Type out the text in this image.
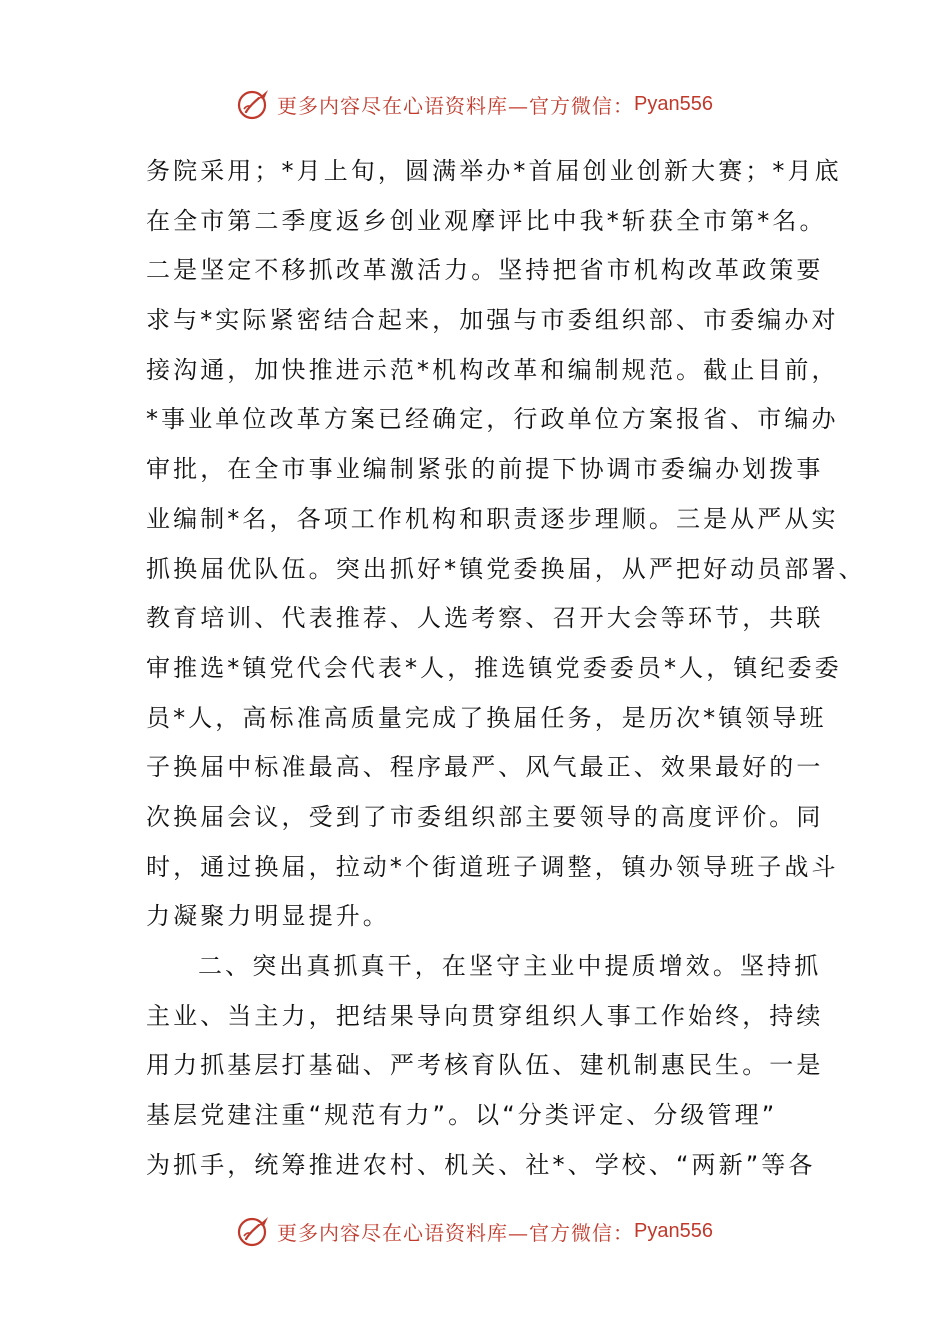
更多内容尽在心语资料库—官方微信： Pyan556
务院采用；*月上旬，圆满举办*首届创业创新大赛；*月底
在全市第二季度返乡创业观摩评比中我*斩获全市第*名。
二是坚定不移抓改革激活力。坚持把省市机构改革政策要
求与*实际紧密结合起来，加强与市委组织部、市委编办对
接沟通，加快推进示范*机构改革和编制规范。截止目前，
*事业单位改革方案已经确定，行政单位方案报省、市编办
审批，在全市事业编制紧张的前提下协调市委编办划拨事
业编制*名，各项工作机构和职责逐步理顺。三是从严从实
抓换届优队伍。突出抓好*镇党委换届，从严把好动员部署、
教育培训、代表推荐、人选考察、召开大会等环节，共联
审推选*镇党代会代表*人，推选镇党委委员*人，镇纪委委
员*人，高标准高质量完成了换届任务，是历次*镇领导班
子换届中标准最高、程序最严、风气最正、效果最好的一
次换届会议，受到了市委组织部主要领导的高度评价。同
时，通过换届，拉动*个街道班子调整，镇办领导班子战斗
力凝聚力明显提升。
二、突出真抓真干，在坚守主业中提质增效。坚持抓
主业、当主力，把结果导向贯穿组织人事工作始终，持续
用力抓基层打基础、严考核育队伍、建机制惠民生。一是
基层党建注重“规范有力”。以“分类评定、分级管理”
为抓手，统筹推进农村、机关、社*、学校、“两新”等各
更多内容尽在心语资料库—官方微信： Pyan556
